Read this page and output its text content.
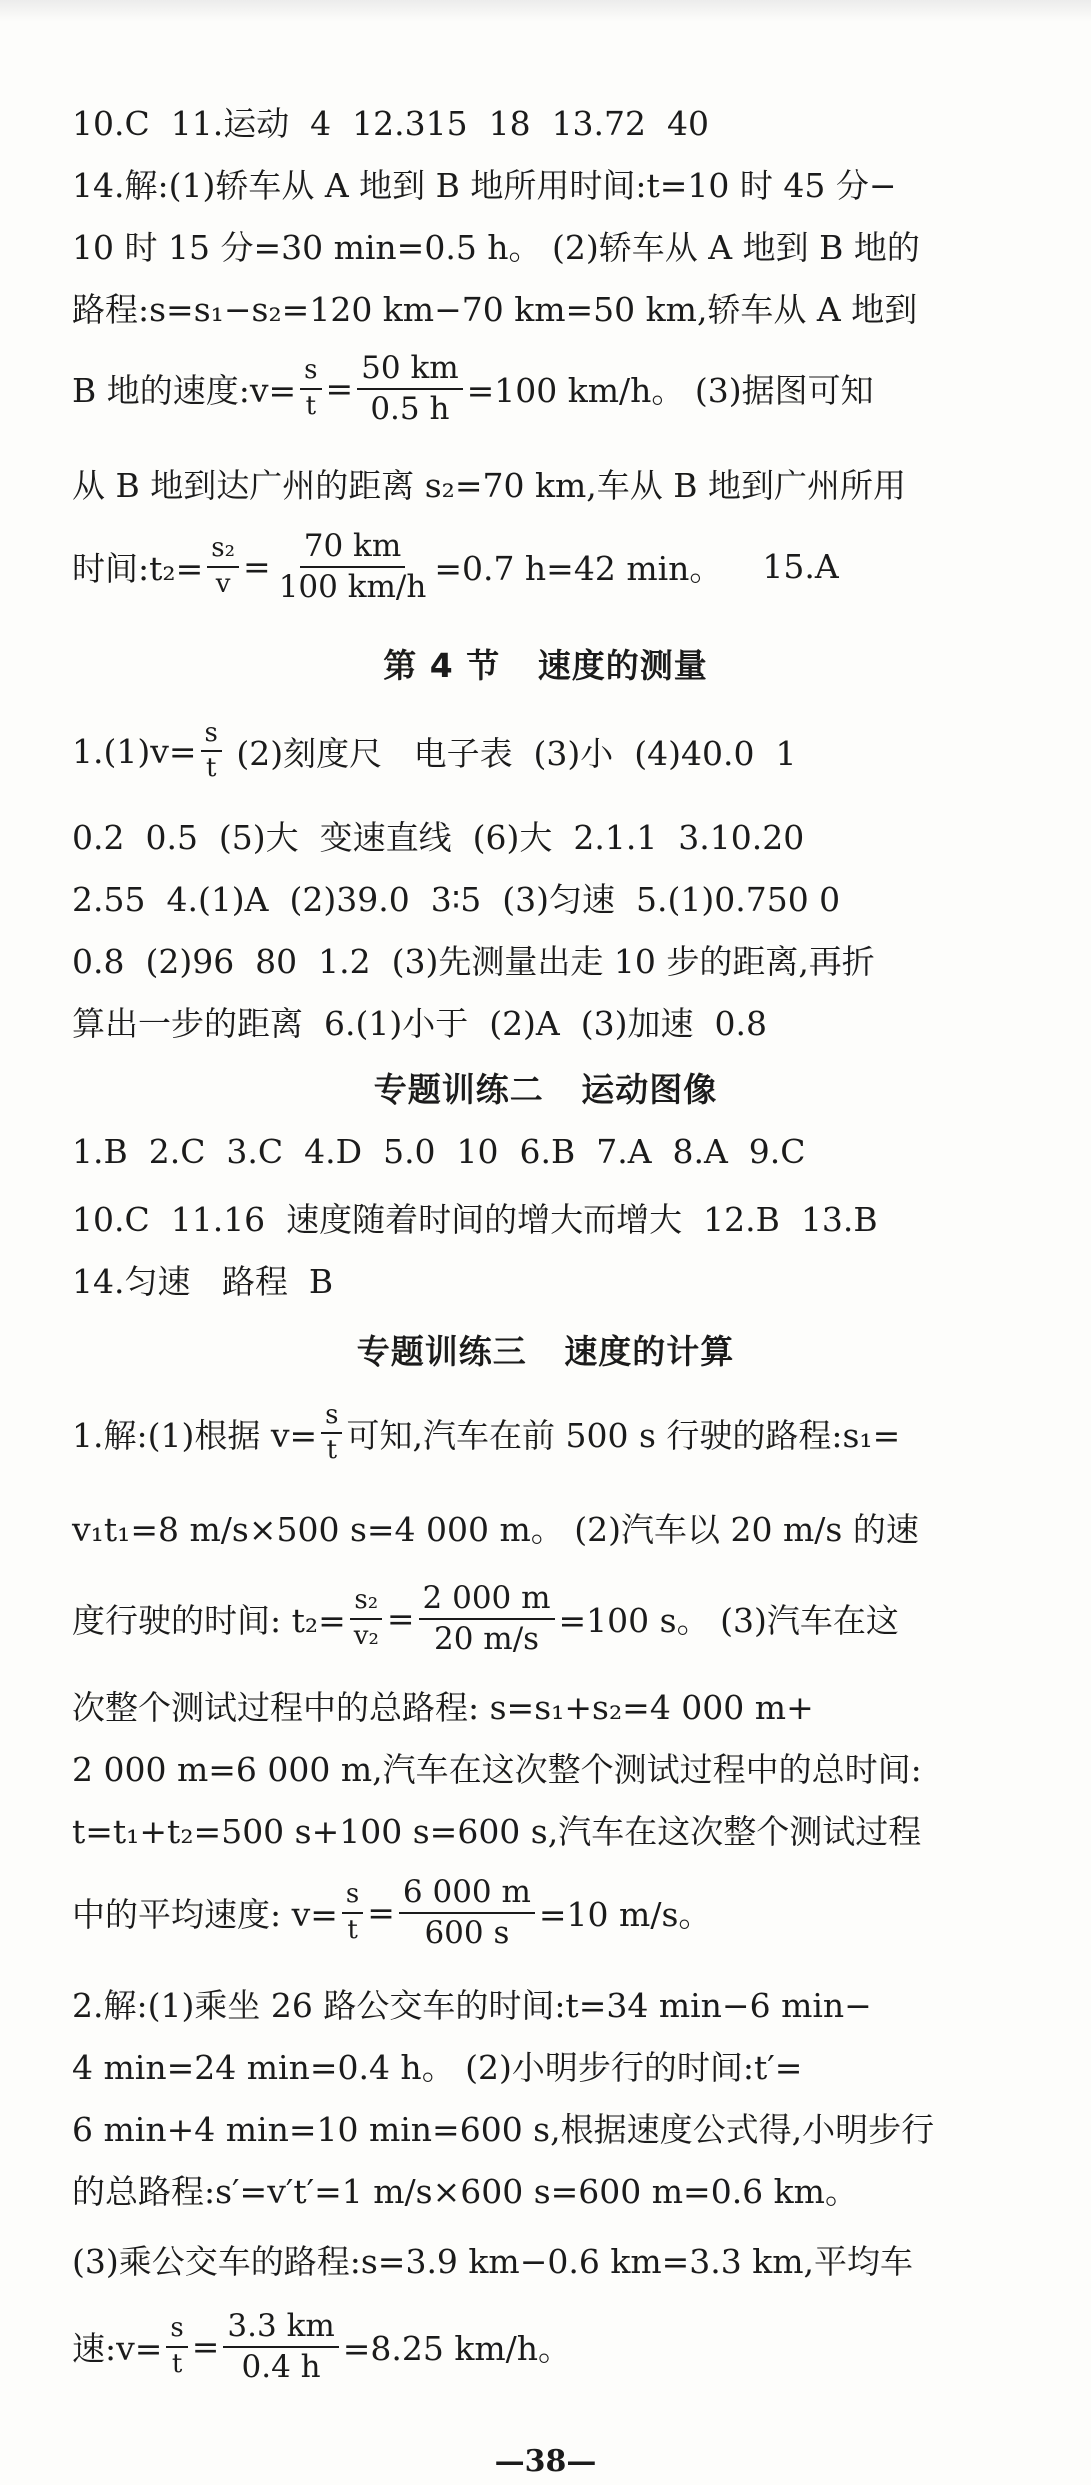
10.C  11.运动  4  12.315  18  13.72  40
14.解:(1)轿车从 A 地到 B 地所用时间:t=10 时 45 分−
10 时 15 分=30 min=0.5 h。 (2)轿车从 A 地到 B 地的
路程:s=s₁−s₂=120 km−70 km=50 km,轿车从 A 地到
B 地的速度:v= $\frac{s}{t} = \frac{50 km}{0.5 h} =100$ km/h。 (3)据图可知
从 B 地到达广州的距离 s₂=70 km,车从 B 地到广州所用
时间:t₂= $\frac{\text{s₂}}{v} = \frac{70 km}{100 km/h} =0.7$ h=42 min。 15.A
第 4 节   速度的测量
$1.(1)v= \frac{s}{t} (2)$刻度尺   电子表  (3)小  (4)40.0  1
0.2  0.5  (5)大  变速直线  (6)大  2.1.1  3.10.20
2.55  4.(1)A  (2)39.0  3∶5  (3)匀速  5.(1)0.750 0
0.8  (2)96  80  1.2  (3)先测量出走 10 步的距离,再折
算出一步的距离  6.(1)小于  (2)A  (3)加速  0.8
专题训练二   运动图像
1.B  2.C  3.C  4.D  5.0  10  6.B  7.A  8.A  9.C
10.C  11.16  速度随着时间的增大而增大  12.B  13.B
14.匀速   路程  B
专题训练三   速度的计算
1.解:(1)根据 $v= \frac{s}{t}$ 可知,汽车在前 500 s 行驶的路程:s₁=
v₁t₁=8 m/s×500 s=4 000 m。 (2)汽车以 20 m/s 的速
度行驶的时间: $t_2= \frac{\text{s₂}}{\text{v₂}} = \frac{2 000 m}{20 m/s} =100$ s。 (3)汽车在这
次整个测试过程中的总路程: s=s₁+s₂=4 000 m+
2 000 m=6 000 m,汽车在这次整个测试过程中的总时间:
t=t₁+t₂=500 s+100 s=600 s,汽车在这次整个测试过程
中的平均速度: $v= \frac{s}{t} = \frac{6 000 m}{600 s} =10$ m/s。
2.解:(1)乘坐 26 路公交车的时间:t=34 min−6 min−
4 min=24 min=0.4 h。 (2)小明步行的时间:t′=
6 min+4 min=10 min=600 s,根据速度公式得,小明步行
的总路程:s′=v′t′=1 m/s×600 s=600 m=0.6 km。
(3)乘公交车的路程:s=3.9 km−0.6 km=3.3 km,平均车
速:v= $\frac{s}{t} = \frac{3.3 km}{0.4 h} =8.25$ km/h。
—38—
